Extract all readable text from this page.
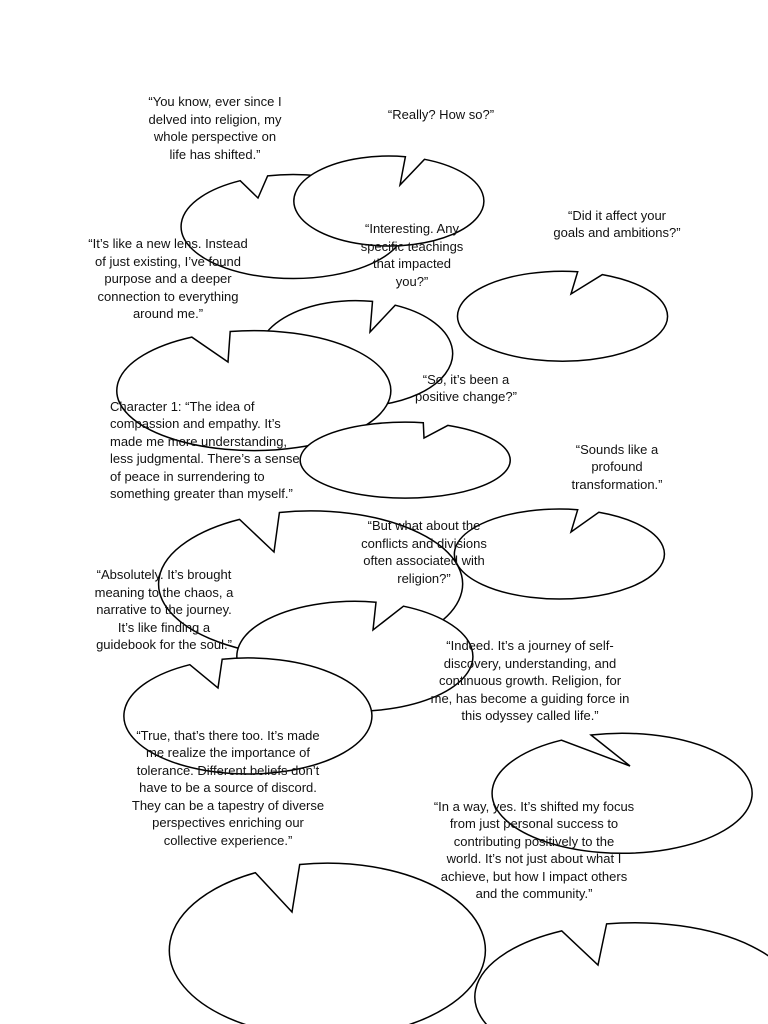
“You know, ever since I
delved into religion, my
whole perspective on
life has shifted.”
“Really? How so?”
“Interesting. Any
specific teachings
that impacted
you?”
“Did it affect your
goals and ambitions?”
“It’s like a new lens. Instead
of just existing, I’ve found
purpose and a deeper
connection to everything
around me.”
“So, it’s been a
positive change?”
Character 1: “The idea of
compassion and empathy. It’s
made me more understanding,
less judgmental. There’s a sense
of peace in surrendering to
something greater than myself.”
“Sounds like a
profound
transformation.”
“But what about the
conflicts and divisions
often associated with
religion?”
“Absolutely. It’s brought
meaning to the chaos, a
narrative to the journey.
It’s like finding a
guidebook for the soul.”	“Indeed. It’s a journey of self-
discovery, understanding, and
continuous growth. Religion, for
me, has become a guiding force in
this odyssey called life.”
“True, that’s there too. It’s made
me realize the importance of
tolerance. Different beliefs don’t
have to be a source of discord.
They can be a tapestry of diverse
perspectives enriching our
collective experience.”
“In a way, yes. It’s shifted my focus
from just personal success to
contributing positively to the
world. It’s not just about what I
achieve, but how I impact others
and the community.”
